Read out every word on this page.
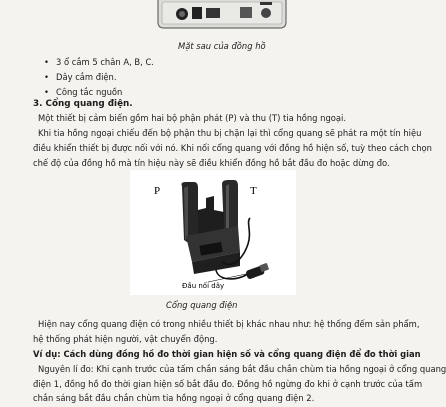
Mặt sau của đồng hồ
• 3 ổ cắm 5 chân A, B, C.
• Dây cắm điện.
• Công tắc nguồn
3. Cổng quang điện.
Một thiết bị cảm biến gồm hai bộ phận phát (P) và thu (T) tia hồng ngoại.
Khi tia hồng ngoại chiếu đến bộ phận thu bị chặn lại thì cổng quang sẽ phát ra một tín hiệu
điều khiển thiết bị được nối với nó. Khi nối cổng quang với đồng hồ hiện số, tuỳ theo cách chọn
chế độ của đồng hồ mà tín hiệu này sẽ điều khiển đồng hồ bắt đầu đo hoặc dừng đo.
P	T
Đầu nối dây
Cổng quang điện
Hiện nay cổng quang điện có trong nhiều thiết bị khác nhau như: hệ thống đếm sản phẩm,
hệ thống phát hiện người, vật chuyển động.
Ví dụ: Cách dùng đồng hồ đo thời gian hiện số và cổng quang điện để đo thời gian
Nguyên lí đo: Khi cạnh trước của tấm chắn sáng bắt đầu chắn chùm tia hồng ngoại ở cổng quang
điện 1, đồng hồ đo thời gian hiện số bắt đầu đo. Đồng hồ ngừng đo khi ở cạnh trước của tấm
chắn sáng bắt đầu chắn chùm tia hồng ngoại ở cổng quang điện 2.
